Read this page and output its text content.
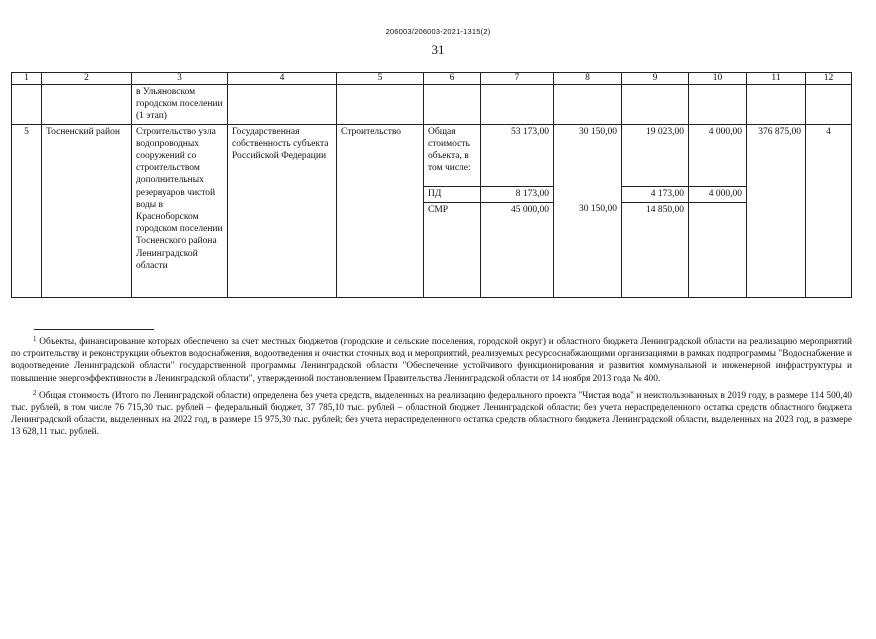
206003/206003-2021-1315(2)
31
1	2	3	4	5	6	7	8	9	10	11	12
		в Ульяновском городском поселении (1 этап)									
5	Тосненский район	Строительство узла водопроводных сооружений со строительством дополнительных резервуаров чистой воды в Красноборском городском поселении Тосненского района Ленинградской области	Государственная собственность субъекта Российской Федерации	Строительство	Общая стоимость объекта, в том числе:	53 173,00	30 150,00	19 023,00	4 000,00	376 875,00	4
					ПД	8 173,00		4 173,00	4 000,00		
					СМР	45 000,00	30 150,00	14 850,00			

$^1$ Объекты, финансирование которых обеспечено за счет местных бюджетов (городские и сельские поселения, городской округ) и областного бюджета Ленинградской области на реализацию мероприятий по строительству и реконструкции объектов водоснабжения, водоотведения и очистки сточных вод и мероприятий, реализуемых ресурсоснабжающими организациями в рамках подпрограммы "Водоснабжение и водоотведение Ленинградской области" государственной программы Ленинградской области "Обеспечение устойчивого функционирования и развития коммунальной и инженерной инфраструктуры и повышение энергоэффективности в Ленинградской области", утвержденной постановлением Правительства Ленинградской области от 14 ноября 2013 года № 400.

$^2$ Общая стоимость (Итого по Ленинградской области) определена без учета средств, выделенных на реализацию федерального проекта "Чистая вода" и неиспользованных в 2019 году, в размере 114 500,40 тыс. рублей, в том числе 76 715,30 тыс. рублей – федеральный бюджет, 37 785,10 тыс. рублей – областной бюджет Ленинградской области; без учета нераспределенного остатка средств областного бюджета Ленинградской области, выделенных на 2022 год, в размере 15 975,30 тыс. рублей; без учета нераспределенного остатка средств областного бюджета Ленинградской области, выделенных на 2023 год, в размере 13 628,11 тыс. рублей.
